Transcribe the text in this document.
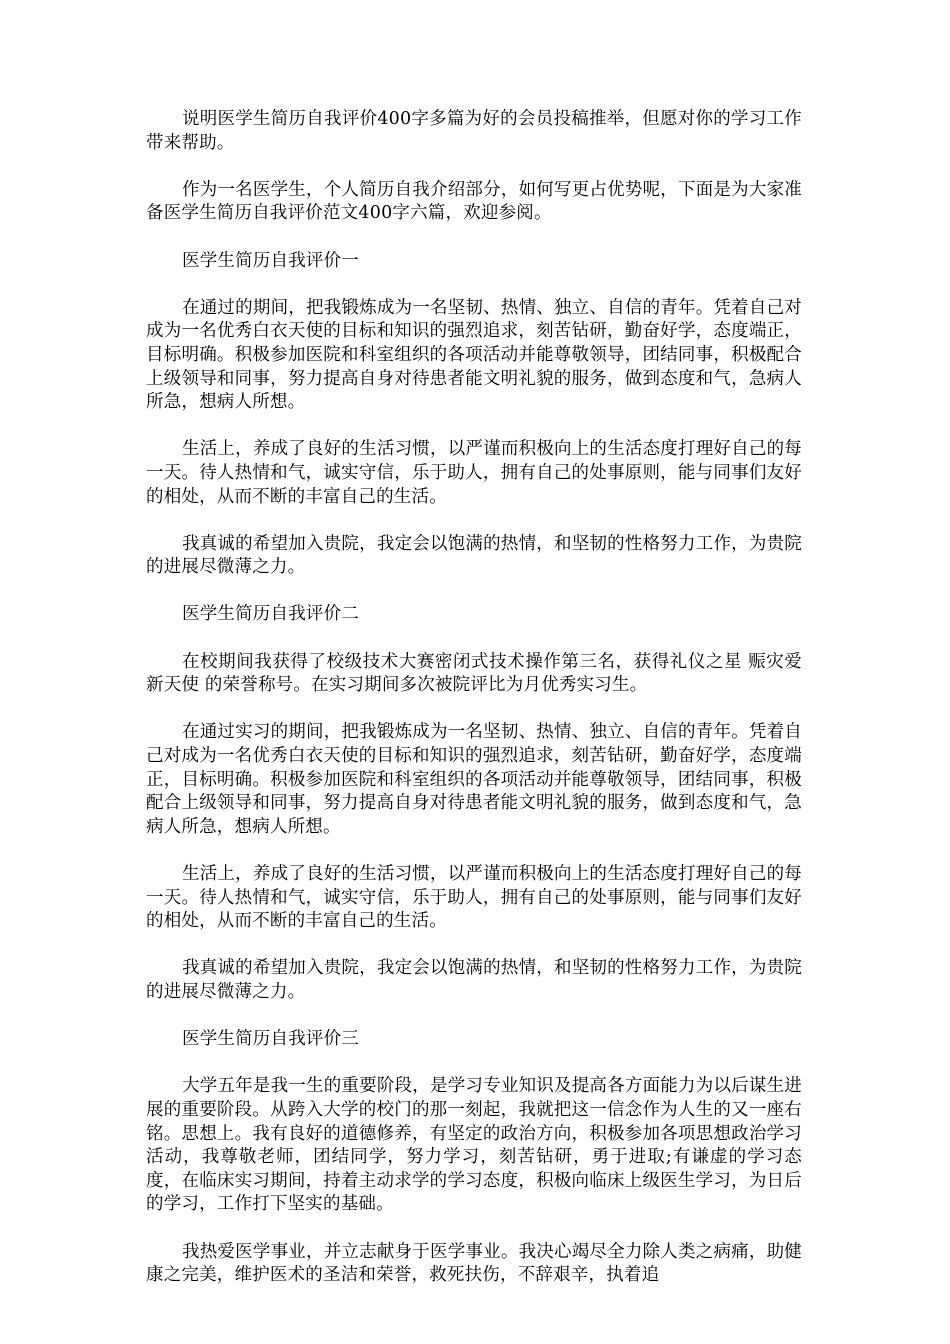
说明医学生简历自我评价400字多篇为好的会员投稿推举，但愿对你的学习工作带来帮助。

作为一名医学生，个人简历自我介绍部分，如何写更占优势呢，下面是为大家准备医学生简历自我评价范文400字六篇，欢迎参阅。

医学生简历自我评价一

在通过的期间，把我锻炼成为一名坚韧、热情、独立、自信的青年。凭着自己对成为一名优秀白衣天使的目标和知识的强烈追求，刻苦钻研，勤奋好学，态度端正，目标明确。积极参加医院和科室组织的各项活动并能尊敬领导，团结同事，积极配合上级领导和同事，努力提高自身对待患者能文明礼貌的服务，做到态度和气，急病人所急，想病人所想。

生活上，养成了良好的生活习惯，以严谨而积极向上的生活态度打理好自己的每一天。待人热情和气，诚实守信，乐于助人，拥有自己的处事原则，能与同事们友好的相处，从而不断的丰富自己的生活。

我真诚的希望加入贵院，我定会以饱满的热情，和坚韧的性格努力工作，为贵院的进展尽微薄之力。

医学生简历自我评价二

在校期间我获得了校级技术大赛密闭式技术操作第三名，获得礼仪之星 赈灾爱新天使 的荣誉称号。在实习期间多次被院评比为月优秀实习生。

在通过实习的期间，把我锻炼成为一名坚韧、热情、独立、自信的青年。凭着自己对成为一名优秀白衣天使的目标和知识的强烈追求，刻苦钻研，勤奋好学，态度端正，目标明确。积极参加医院和科室组织的各项活动并能尊敬领导，团结同事，积极配合上级领导和同事，努力提高自身对待患者能文明礼貌的服务，做到态度和气，急病人所急，想病人所想。

生活上，养成了良好的生活习惯，以严谨而积极向上的生活态度打理好自己的每一天。待人热情和气，诚实守信，乐于助人，拥有自己的处事原则，能与同事们友好的相处，从而不断的丰富自己的生活。

我真诚的希望加入贵院，我定会以饱满的热情，和坚韧的性格努力工作，为贵院的进展尽微薄之力。

医学生简历自我评价三

大学五年是我一生的重要阶段，是学习专业知识及提高各方面能力为以后谋生进展的重要阶段。从跨入大学的校门的那一刻起，我就把这一信念作为人生的又一座右铭。思想上。我有良好的道德修养，有坚定的政治方向，积极参加各项思想政治学习活动，我尊敬老师，团结同学，努力学习，刻苦钻研，勇于进取;有谦虚的学习态度，在临床实习期间，持着主动求学的学习态度，积极向临床上级医生学习，为日后的学习，工作打下坚实的基础。

我热爱医学事业，并立志献身于医学事业。我决心竭尽全力除人类之病痛，助健康之完美，维护医术的圣洁和荣誉，救死扶伤，不辞艰辛，执着追
